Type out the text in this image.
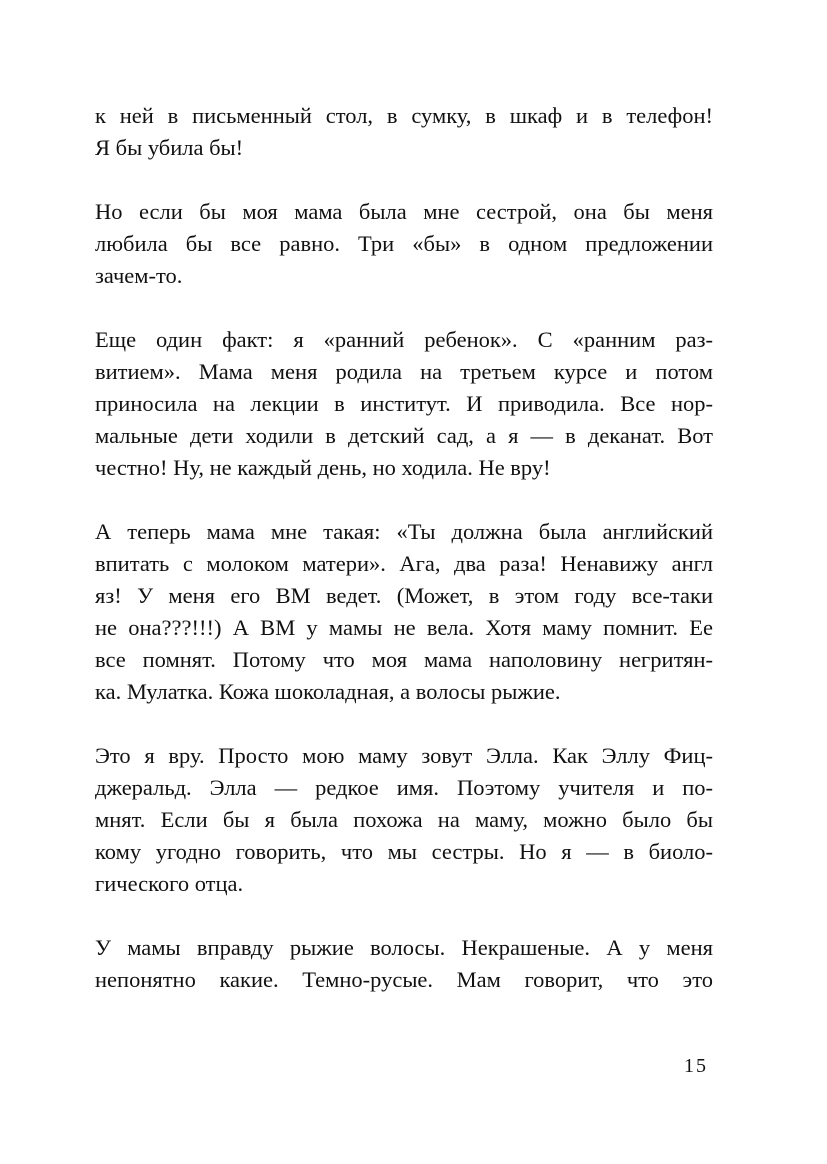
к ней в письменный стол, в сумку, в шкаф и в телефон!
Я бы убила бы!
Но если бы моя мама была мне сестрой, она бы меня
любила бы все равно. Три «бы» в одном предложении
зачем-то.
Еще один факт: я «ранний ребенок». С «ранним раз-
витием». Мама меня родила на третьем курсе и потом
приносила на лекции в институт. И приводила. Все нор-
мальные дети ходили в детский сад, а я — в деканат. Вот
честно! Ну, не каждый день, но ходила. Не вру!
А теперь мама мне такая: «Ты должна была английский
впитать с молоком матери». Ага, два раза! Ненавижу англ
яз! У меня его ВМ ведет. (Может, в этом году все-таки
не она???!!!) А ВМ у мамы не вела. Хотя маму помнит. Ее
все помнят. Потому что моя мама наполовину негритян-
ка. Мулатка. Кожа шоколадная, а волосы рыжие.
Это я вру. Просто мою маму зовут Элла. Как Эллу Фиц-
джеральд. Элла — редкое имя. Поэтому учителя и по-
мнят. Если бы я была похожа на маму, можно было бы
кому угодно говорить, что мы сестры. Но я — в биоло-
гического отца.
У мамы вправду рыжие волосы. Некрашеные. А у меня
непонятно какие. Темно-русые. Мам говорит, что это
15
